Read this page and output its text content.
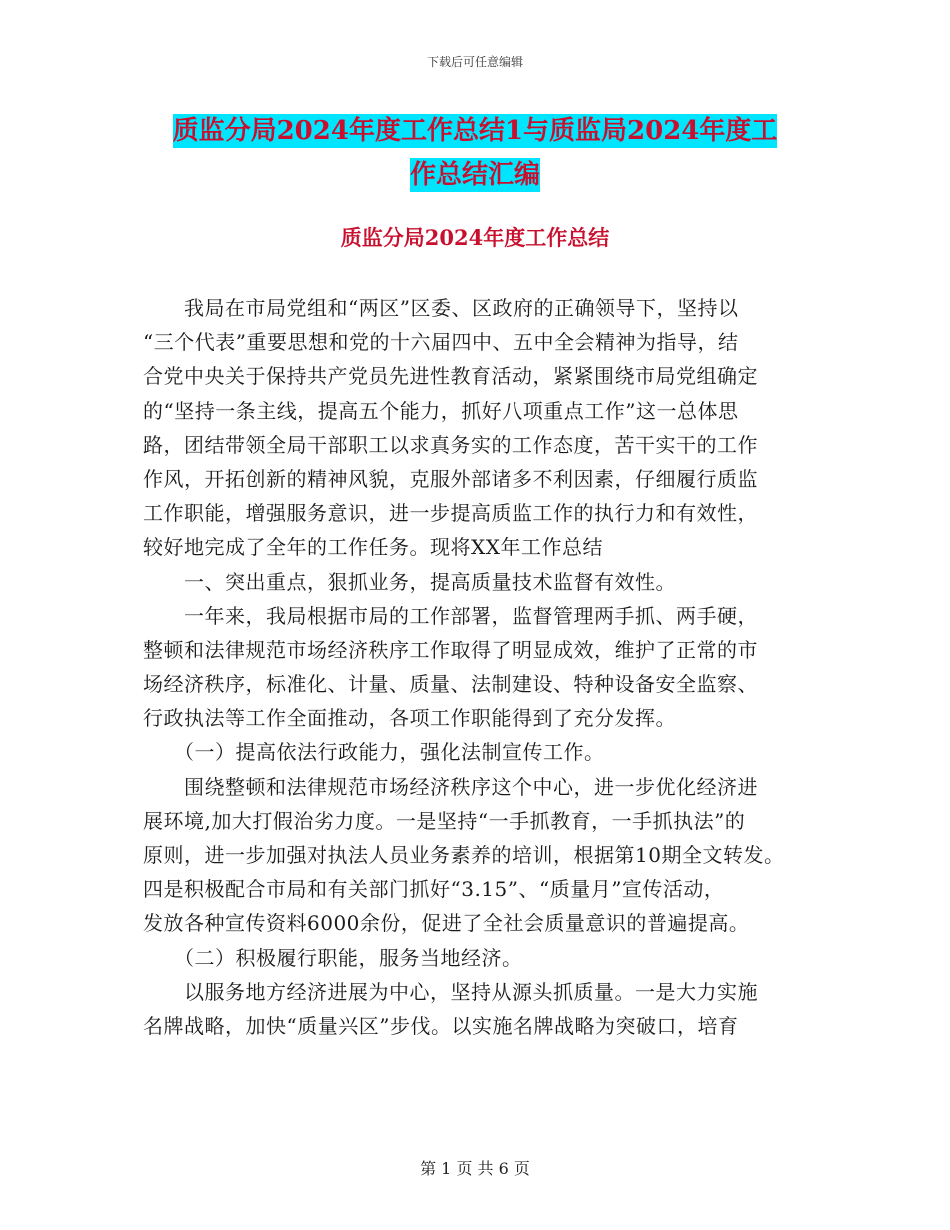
下载后可任意编辑
质监分局2024年度工作总结1与质监局2024年度工
作总结汇编
质监分局2024年度工作总结
　　我局在市局党组和“两区”区委、区政府的正确领导下，坚持以
“三个代表”重要思想和党的十六届四中、五中全会精神为指导，结
合党中央关于保持共产党员先进性教育活动，紧紧围绕市局党组确定
的“坚持一条主线，提高五个能力，抓好八项重点工作”这一总体思
路，团结带领全局干部职工以求真务实的工作态度，苦干实干的工作
作风，开拓创新的精神风貌，克服外部诸多不利因素，仔细履行质监
工作职能，增强服务意识，进一步提高质监工作的执行力和有效性，
较好地完成了全年的工作任务。现将XX年工作总结
　　一、突出重点，狠抓业务，提高质量技术监督有效性。
　　一年来，我局根据市局的工作部署，监督管理两手抓、两手硬，
整顿和法律规范市场经济秩序工作取得了明显成效，维护了正常的市
场经济秩序，标准化、计量、质量、法制建设、特种设备安全监察、
行政执法等工作全面推动，各项工作职能得到了充分发挥。
　　（一）提高依法行政能力，强化法制宣传工作。
　　围绕整顿和法律规范市场经济秩序这个中心，进一步优化经济进
展环境,加大打假治劣力度。一是坚持“一手抓教育，一手抓执法”的
原则，进一步加强对执法人员业务素养的培训，根据第10期全文转发。
四是积极配合市局和有关部门抓好“3.15”、“质量月”宣传活动，
发放各种宣传资料6000余份，促进了全社会质量意识的普遍提高。
　　（二）积极履行职能，服务当地经济。
　　以服务地方经济进展为中心，坚持从源头抓质量。一是大力实施
名牌战略，加快“质量兴区”步伐。以实施名牌战略为突破口，培育
第 1 页 共 6 页
